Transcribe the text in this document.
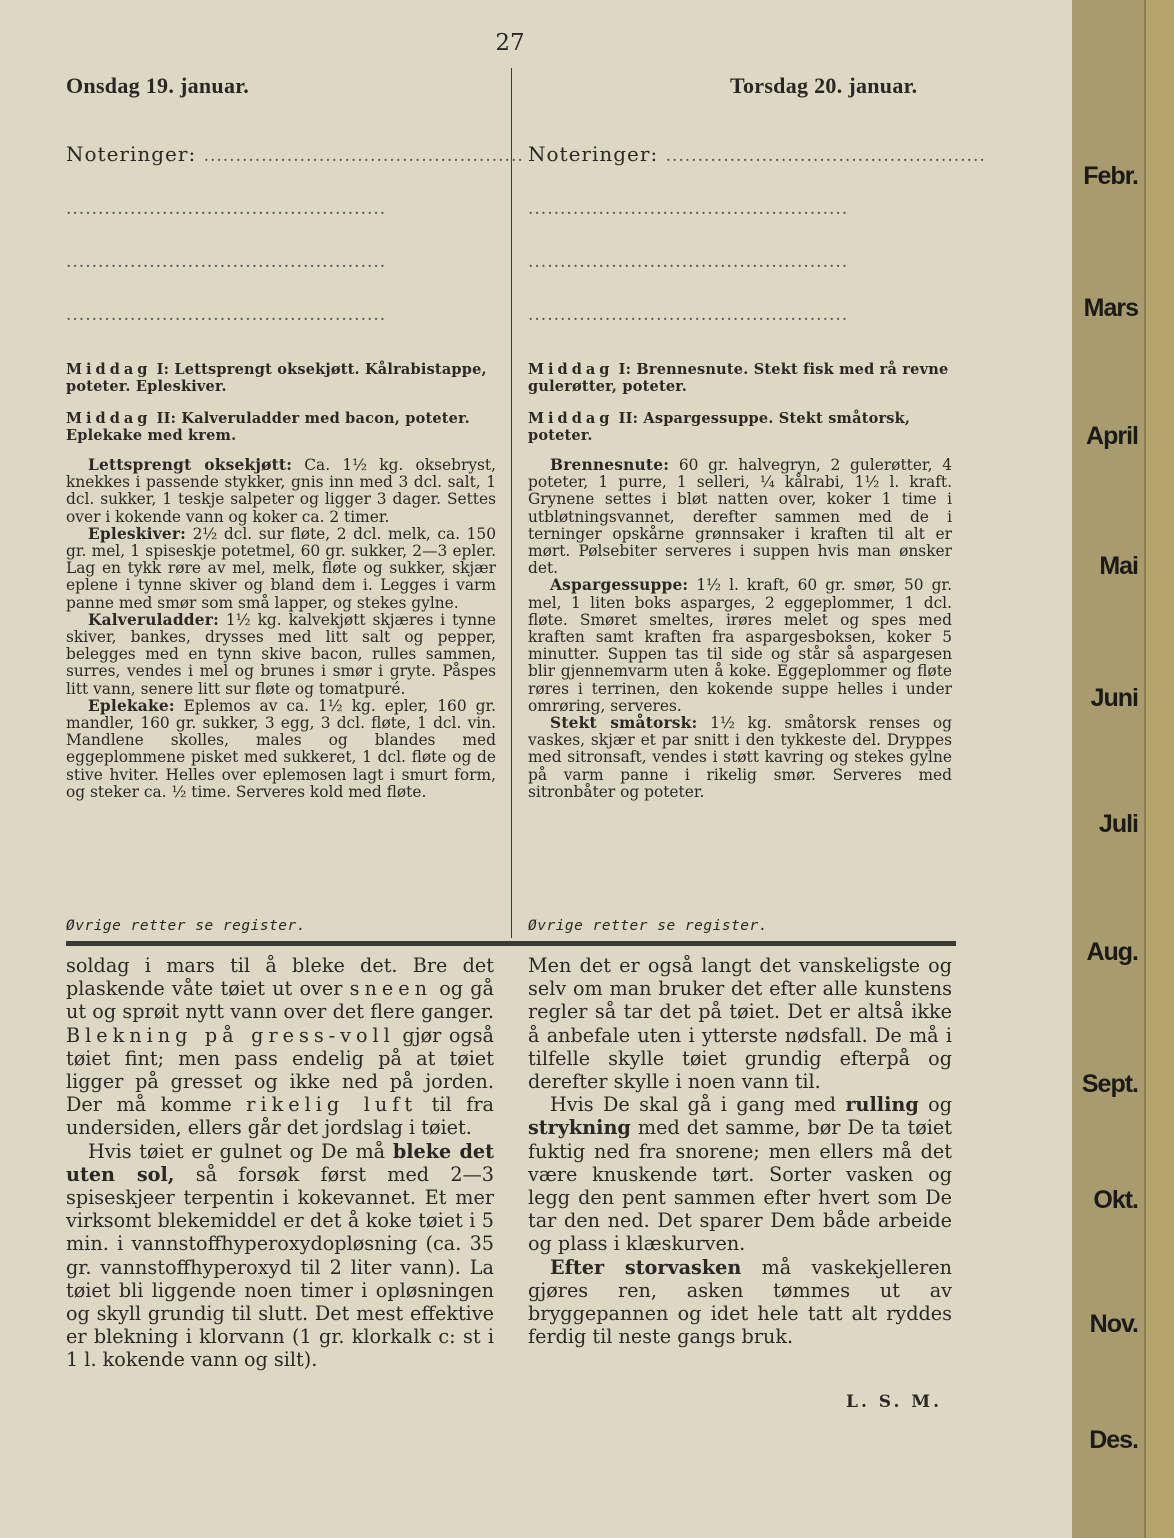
27
Onsdag 19. januar.	Torsdag 20. januar.
Noteringer: ..................................................
..................................................
..................................................
..................................................
Noteringer: ..................................................
..................................................
..................................................
..................................................
Middag I: Lettsprengt oksekjøtt. Kålrabistappe, poteter. Epleskiver.
Middag II: Kalveruladder med bacon, poteter. Eplekake med krem.
Middag I: Brennesnute. Stekt fisk med rå revne gulerøtter, poteter.
Middag II: Aspargessuppe. Stekt småtorsk, poteter.

Lettsprengt oksekjøtt: Ca. 1½ kg. oksebryst, knekkes i passende stykker, gnis inn med 3 dcl. salt, 1 dcl. sukker, 1 teskje salpeter og ligger 3 dager. Settes over i kokende vann og koker ca. 2 timer.

Epleskiver: 2½ dcl. sur fløte, 2 dcl. melk, ca. 150 gr. mel, 1 spiseskje potetmel, 60 gr. sukker, 2—3 epler. Lag en tykk røre av mel, melk, fløte og sukker, skjær eplene i tynne skiver og bland dem i. Legges i varm panne med smør som små lapper, og stekes gylne.

Kalveruladder: 1½ kg. kalvekjøtt skjæres i tynne skiver, bankes, drysses med litt salt og pepper, belegges med en tynn skive bacon, rulles sammen, surres, vendes i mel og brunes i smør i gryte. Påspes litt vann, senere litt sur fløte og tomatpuré.

Eplekake: Eplemos av ca. 1½ kg. epler, 160 gr. mandler, 160 gr. sukker, 3 egg, 3 dcl. fløte, 1 dcl. vin. Mandlene skolles, males og blandes med eggeplommene pisket med sukkeret, 1 dcl. fløte og de stive hviter. Helles over eplemosen lagt i smurt form, og steker ca. ½ time. Serveres kold med fløte.

Øvrige retter se register.

Brennesnute: 60 gr. halvegryn, 2 gulerøtter, 4 poteter, 1 purre, 1 selleri, ¼ kålrabi, 1½ l. kraft. Grynene settes i bløt natten over, koker 1 time i utbløtningsvannet, derefter sammen med de i terninger opskårne grønnsaker i kraften til alt er mørt. Pølsebiter serveres i suppen hvis man ønsker det.

Aspargessuppe: 1½ l. kraft, 60 gr. smør, 50 gr. mel, 1 liten boks asparges, 2 eggeplommer, 1 dcl. fløte. Smøret smeltes, irøres melet og spes med kraften samt kraften fra aspargesboksen, koker 5 minutter. Suppen tas til side og står så aspargesen blir gjennemvarm uten å koke. Eggeplommer og fløte røres i terrinen, den kokende suppe helles i under omrøring, serveres.

Stekt småtorsk: 1½ kg. småtorsk renses og vaskes, skjær et par snitt i den tykkeste del. Dryppes med sitronsaft, vendes i støtt kavring og stekes gylne på varm panne i rikelig smør. Serveres med sitronbåter og poteter.

Øvrige retter se register.

soldag i mars til å bleke det. Bre det plaskende våte tøiet ut over sneen og gå ut og sprøit nytt vann over det flere ganger. Blekning på gress-voll gjør også tøiet fint; men pass endelig på at tøiet ligger på gresset og ikke ned på jorden. Der må komme rikelig luft til fra undersiden, ellers går det jordslag i tøiet.

Hvis tøiet er gulnet og De må bleke det uten sol, så forsøk først med 2—3 spiseskjeer terpentin i kokevannet. Et mer virksomt blekemiddel er det å koke tøiet i 5 min. i vannstoffhyperoxydopløsning (ca. 35 gr. vannstoffhyperoxyd til 2 liter vann). La tøiet bli liggende noen timer i opløsningen og skyll grundig til slutt. Det mest effektive er blekning i klorvann (1 gr. klorkalk c: st i 1 l. kokende vann og silt).

Men det er også langt det vanskeligste og selv om man bruker det efter alle kunstens regler så tar det på tøiet. Det er altså ikke å anbefale uten i ytterste nødsfall. De må i tilfelle skylle tøiet grundig efterpå og derefter skylle i noen vann til.

Hvis De skal gå i gang med rulling og strykning med det samme, bør De ta tøiet fuktig ned fra snorene; men ellers må det være knuskende tørt. Sorter vasken og legg den pent sammen efter hvert som De tar den ned. Det sparer Dem både arbeide og plass i klæskurven.

Efter storvasken må vaskekjelleren gjøres ren, asken tømmes ut av bryggepannen og idet hele tatt alt ryddes ferdig til neste gangs bruk.

L. S. M.
Febr.
Mars
April
Mai
Juni
Juli
Aug.
Sept.
Okt.
Nov.
Des.
